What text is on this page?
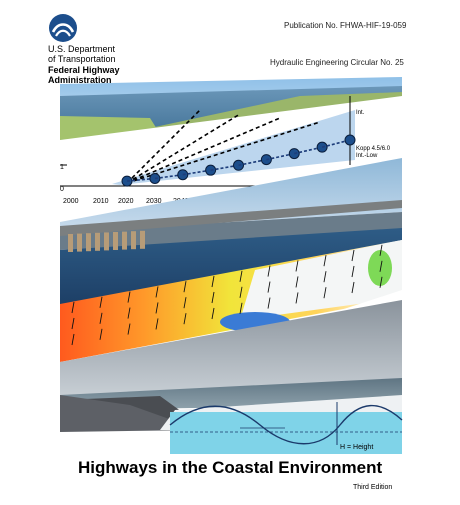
U.S. Department
of Transportation
Federal Highway
Administration
Publication No. FHWA-HIF-19-059
Hydraulic Engineering Circular No. 25
1
0
Int.
Kopp 4.5/6.0
Int.-Low
2000 2010 2020 2030
H = Height
Highways in the Coastal Environment
Third Edition
